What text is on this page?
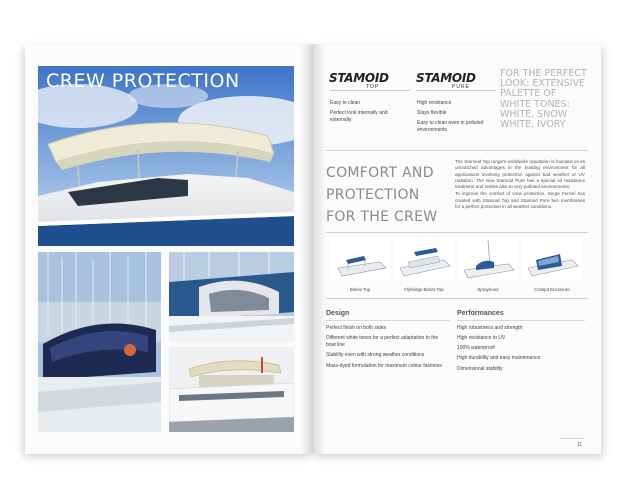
CREW PROTECTION	STAMOID
TOP
STAMOID
PURE
Easy to clean
Perfect look internally and externally
High resistance
Stays flexible
Easy to clean even in polluted environments
FOR THE PERFECT LOOK: EXTENSIVE PALETTE OF WHITE TONES: WHITE, SNOW WHITE, IVORY
COMFORT AND PROTECTION FOR THE CREW

The Stamoid Top range's worldwide reputation is founded on its unmatched advantages in the boating environment for all applications involving protection against bad weather or UV radiation. The new Stamoid Pure has a special oil resistance treatment and resists also to very polluted environments.

To improve the comfort of crew protection, Serge Ferrari has created with Stamoid Top and Stamoid Pure two membranes for a perfect protection in all weather conditions.

Bimini Top	Flybridge Bimini Top	Sprayhood	Cockpit Enclosure
Design
Perfect finish on both sides
Different white tones for a perfect adaptation to the boat line
Stability even with strong weather conditions
Mass-dyed formulation for maximum colour fastness
Performances
High robustness and strength
High resistance to UV
100% waterproof
High durability and easy maintenance
Dimensional stability
11
